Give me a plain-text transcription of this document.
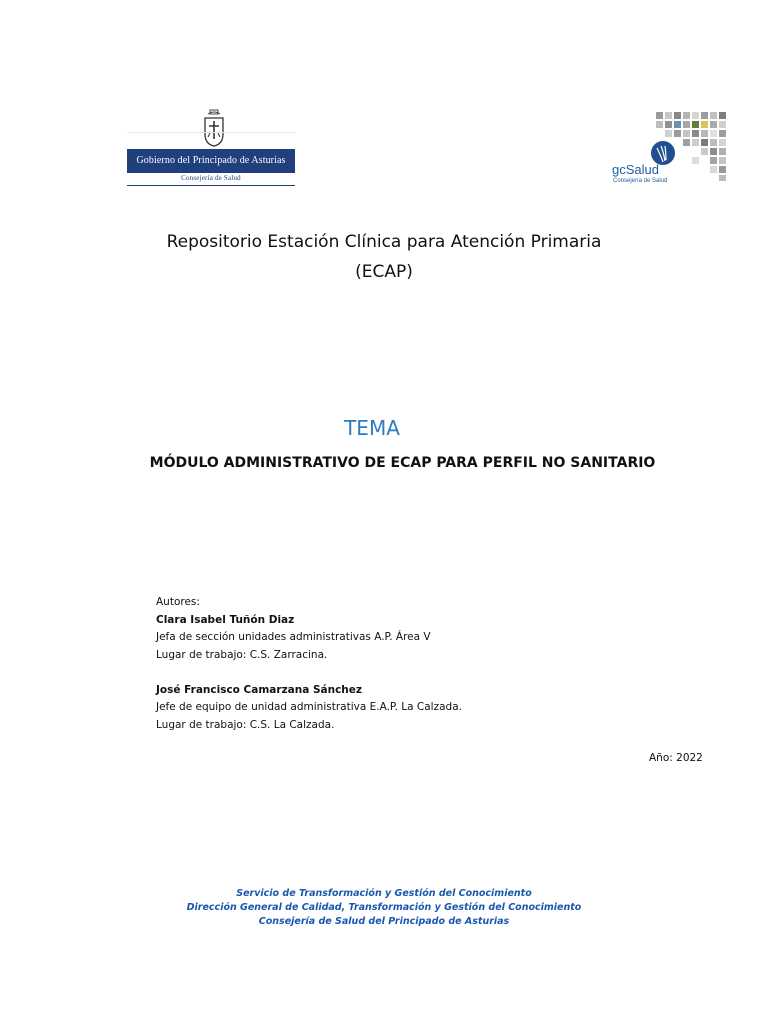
Gobierno del Principado de Asturias
Consejería de Salud
gcSalud
Consejería de Salud
Repositorio Estación Clínica para Atención Primaria
(ECAP)
TEMA
MÓDULO ADMINISTRATIVO DE ECAP PARA PERFIL NO SANITARIO
Autores:
Clara Isabel Tuñón Diaz
Jefa de sección unidades administrativas A.P. Área V
Lugar de trabajo: C.S. Zarracina.
José Francisco Camarzana Sánchez
Jefe de equipo de unidad administrativa E.A.P. La Calzada.
Lugar de trabajo: C.S. La Calzada.
Año: 2022
Servicio de Transformación y Gestión del Conocimiento
Dirección General de Calidad, Transformación y Gestión del Conocimiento
Consejería de Salud del Principado de Asturias
